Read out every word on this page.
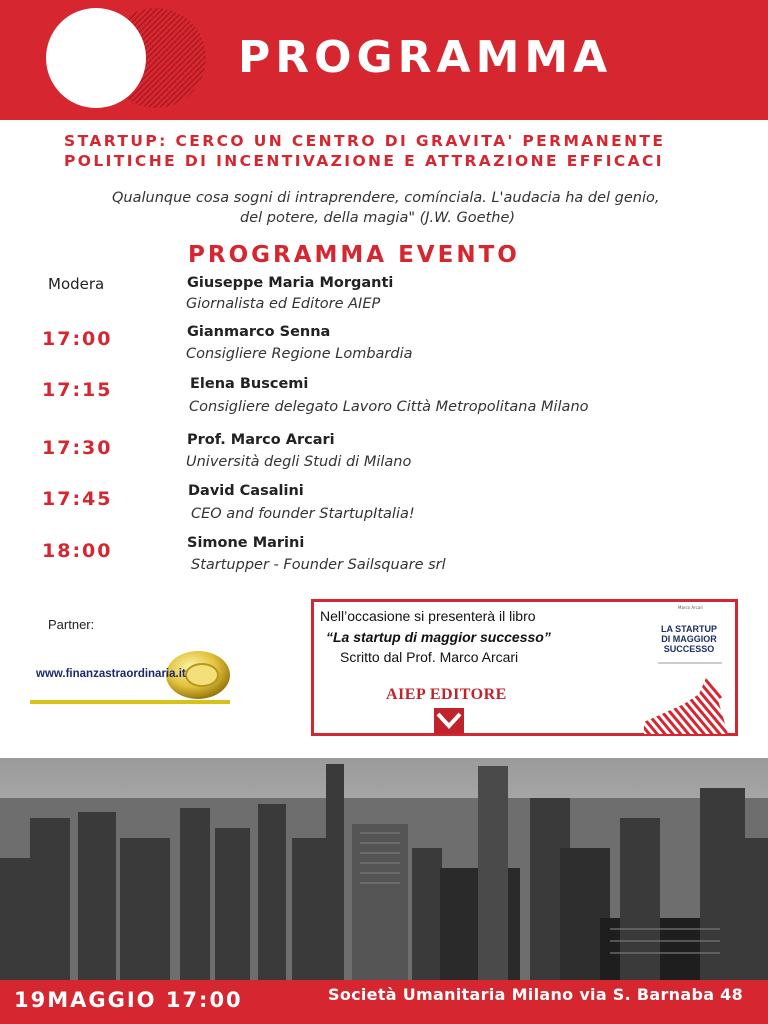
PROGRAMMA
STARTUP: CERCO UN CENTRO DI GRAVITA' PERMANENTE
POLITICHE DI INCENTIVAZIONE E ATTRAZIONE EFFICACI
Qualunque cosa sogni di intraprendere, comínciala. L'audacia ha del genio,
del potere, della magia" (J.W. Goethe)
PROGRAMMA EVENTO
Modera	Giuseppe Maria Morganti
Giornalista ed Editore AIEP
17:00	Gianmarco Senna
Consigliere Regione Lombardia
17:15	Elena Buscemi
Consigliere delegato Lavoro Città Metropolitana Milano
17:30	Prof. Marco Arcari
Università degli Studi di Milano
17:45	David Casalini
CEO and founder StartupItalia!
18:00	Simone Marini
Startupper - Founder Sailsquare srl
Partner:
www.finanzastraordinaria.it
Nell’occasione si presenterà il libro
“La startup di maggior successo”
Scritto dal Prof. Marco Arcari
AIEP EDITORE
Marco Arcari
LA STARTUP DI MAGGIOR SUCCESSO
19MAGGIO 17:00	Società Umanitaria Milano via S. Barnaba 48
